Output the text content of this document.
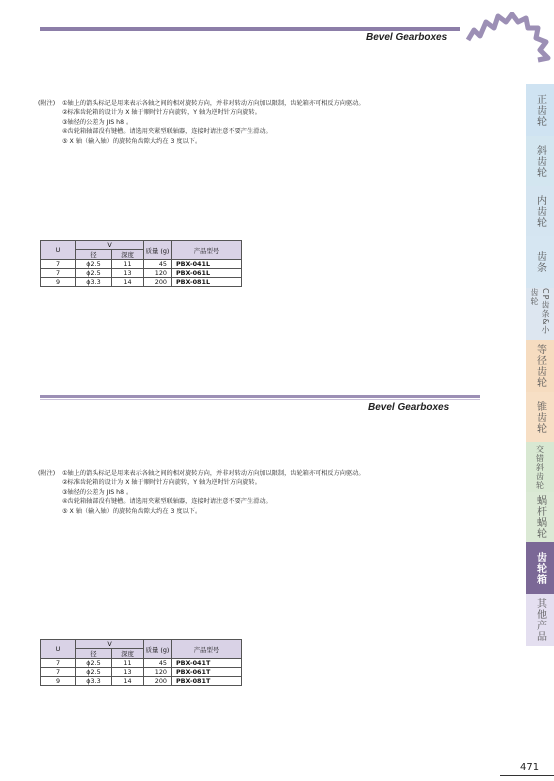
Bevel Gearboxes
(附注) ①轴上的箭头标记是用来表示各轴之间的相对旋转方向，并非对转动方向加以限制，齿轮箱亦可相反方向驱动。
②标准齿轮箱的设计为 X 轴于顺时针方向旋转，Y 轴为逆时针方向旋转。
③轴径的公差为 JIS h8 。
④齿轮箱轴部没有键槽。请选用夹紧型联轴器，连接时请注意不要产生滑动。
⑤ X 轴（输入轴）的旋转角齿隙大约在 3 度以下。
U	V		质量 (g)	产品型号
	径	深度		
7	ϕ2.5	11	45	PBX-041L
7	ϕ2.5	13	120	PBX-061L
9	ϕ3.3	14	200	PBX-081L
Bevel Gearboxes
(附注) ①轴上的箭头标记是用来表示各轴之间的相对旋转方向，并非对转动方向加以限制，齿轮箱亦可相反方向驱动。
②标准齿轮箱的设计为 X 轴于顺时针方向旋转，Y 轴为逆时针方向旋转。
③轴径的公差为 JIS h8 。
④齿轮箱轴部没有键槽。请选用夹紧型联轴器，连接时请注意不要产生滑动。
⑤ X 轴（输入轴）的旋转角齿隙大约在 3 度以下。
U	V		质量 (g)	产品型号
	径	深度		
7	ϕ2.5	11	45	PBX-041T
7	ϕ2.5	13	120	PBX-061T
9	ϕ3.3	14	200	PBX-081T
正齿轮
斜齿轮
内齿轮
齿条
CP齿条&小齿轮
等径齿轮
锥齿轮
交错斜齿轮
蜗杆蜗轮
齿轮箱
其他产品
471
